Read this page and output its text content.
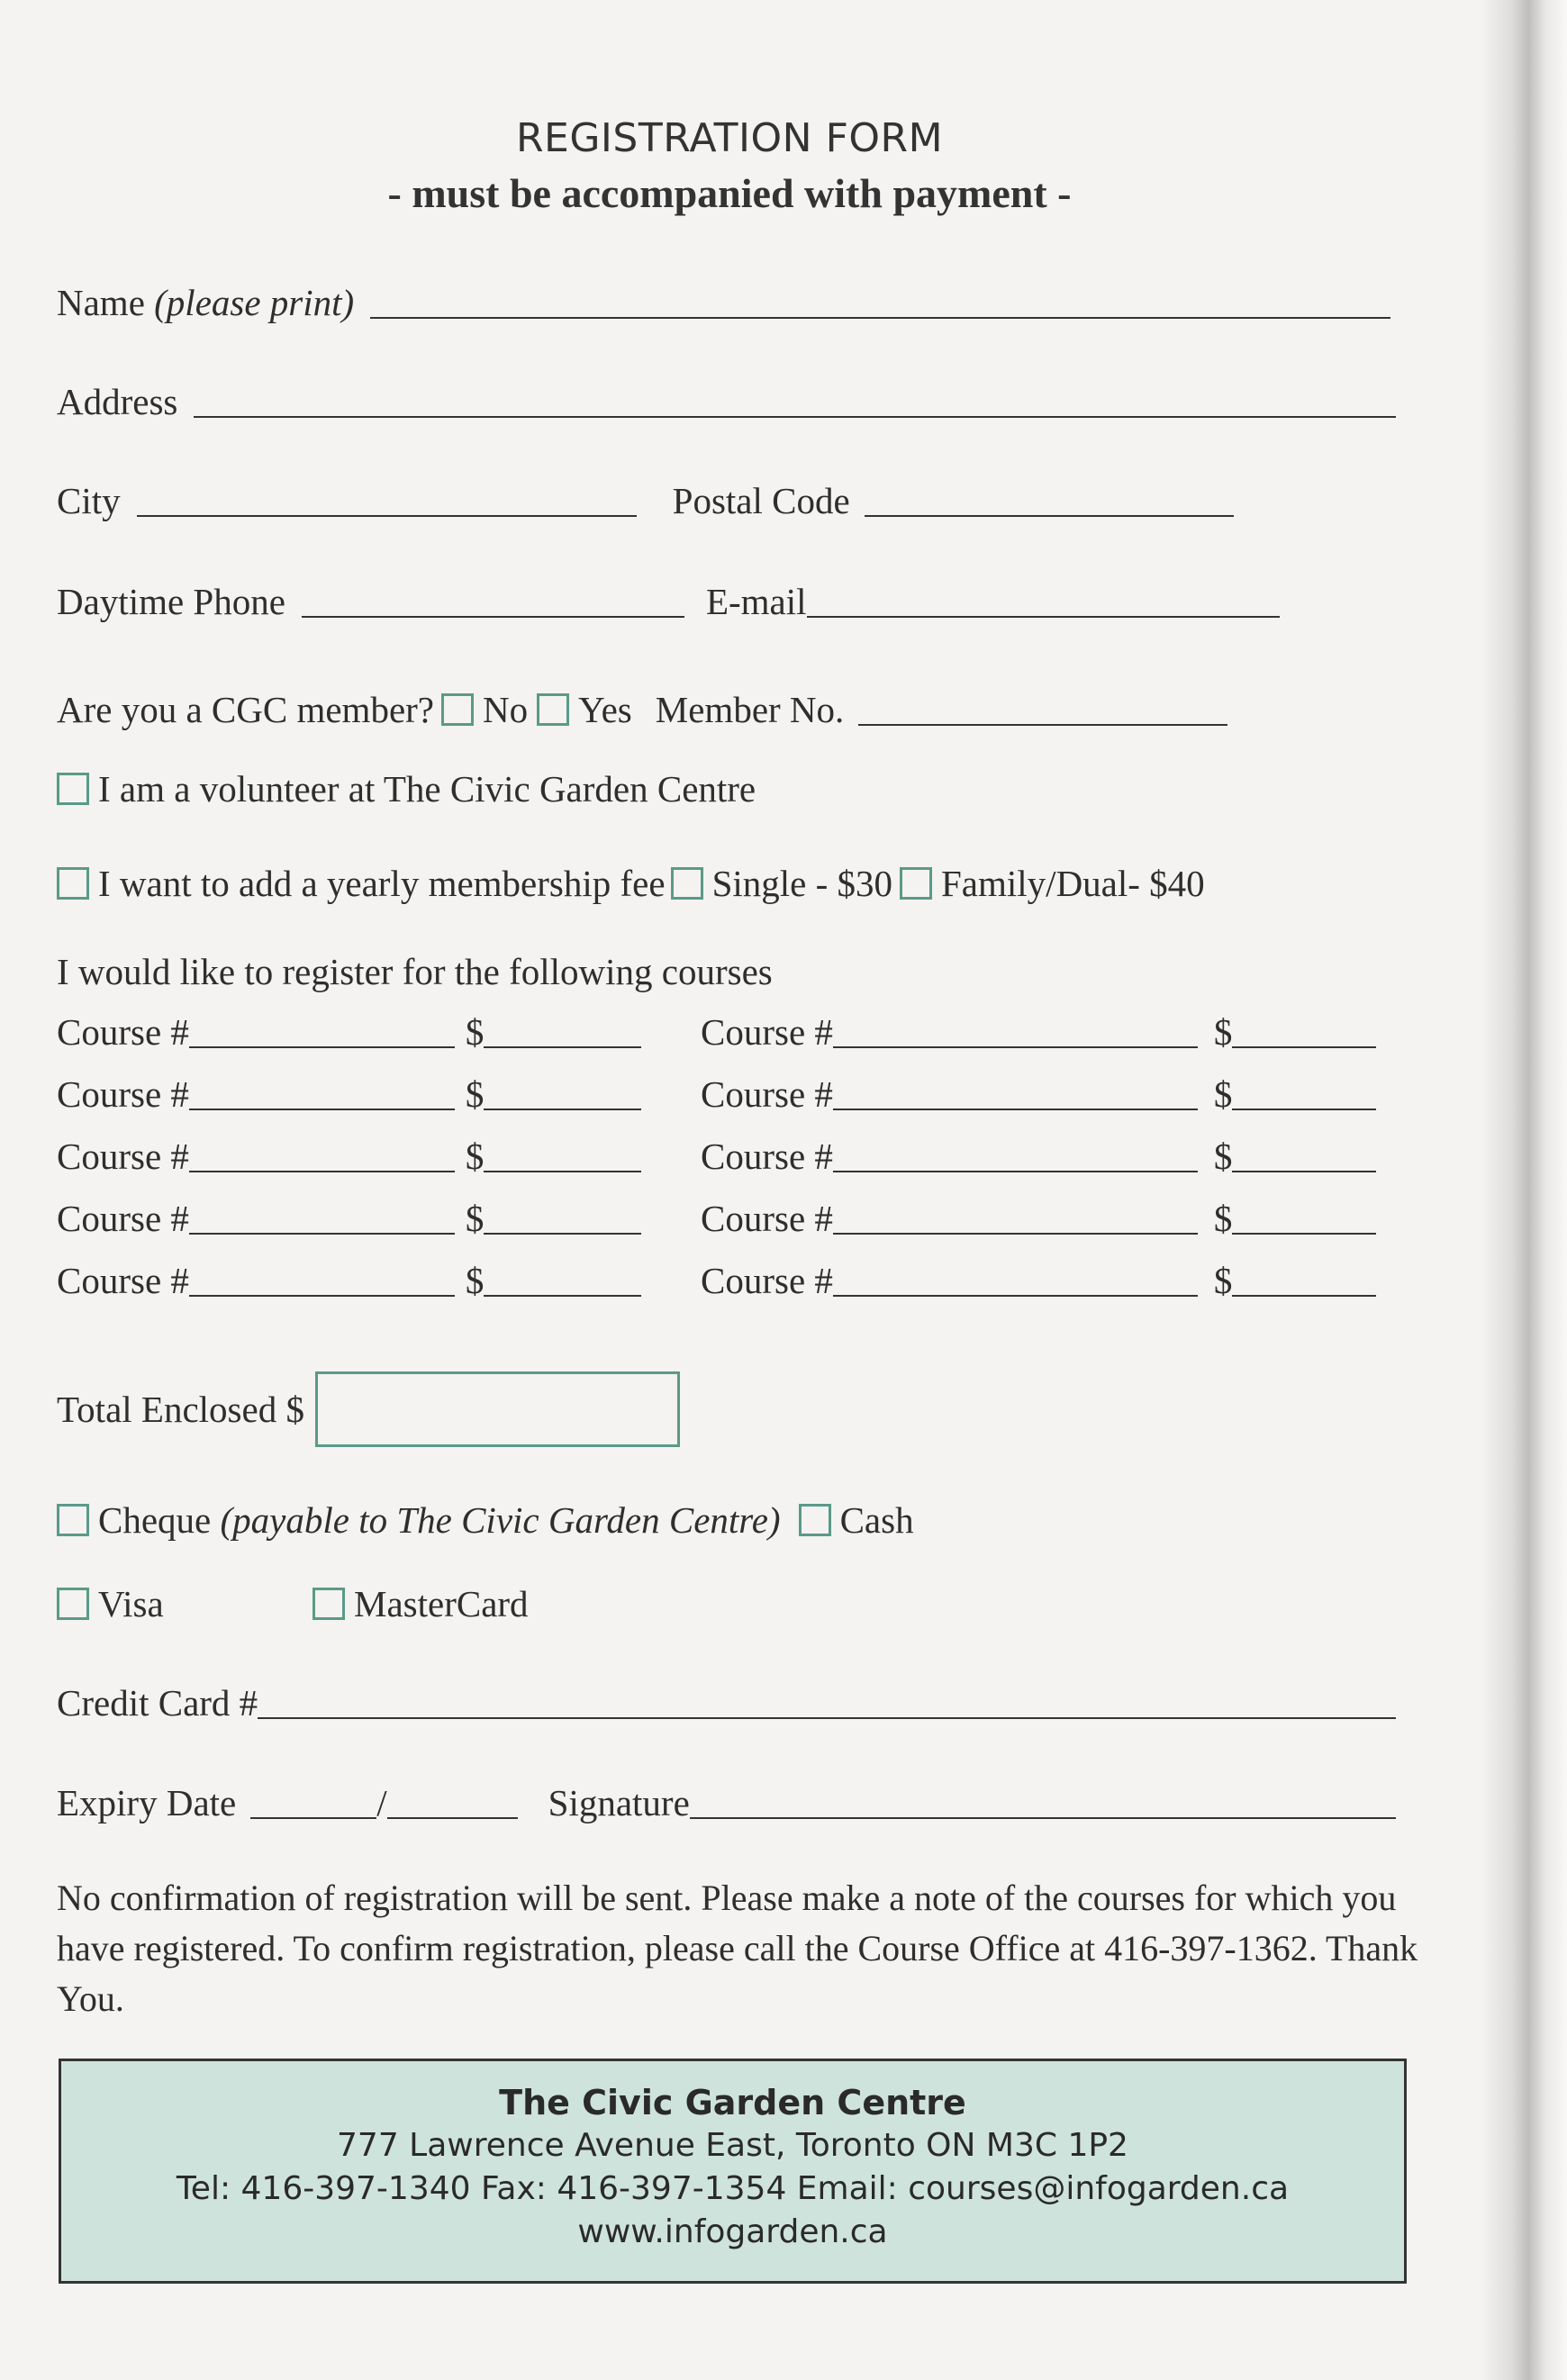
REGISTRATION FORM
- must be accompanied with payment -
Name
(please print)
Address
City	Postal Code
Daytime Phone	E-mail
Are you a CGC member? No Yes Member No.
I am a volunteer at The Civic Garden Centre
I want to add a yearly membership fee Single - $30 Family/Dual- $40
I would like to register for the following courses
Course #	$
Course #	$
Course #	$
Course #	$
Course #	$
Course #	$
Course #	$
Course #	$
Course #	$
Course #	$
Total Enclosed $
Cheque
(payable to The Civic Garden Centre) Cash
Visa	MasterCard
Credit Card #
Expiry Date	/	Signature
No confirmation of registration will be sent. Please make a note of the courses for which you have registered. To confirm registration, please call the Course Office at 416-397-1362. Thank You.
The Civic Garden Centre
777 Lawrence Avenue East, Toronto ON M3C 1P2
Tel: 416-397-1340 Fax: 416-397-1354 Email: courses@infogarden.ca
www.infogarden.ca
